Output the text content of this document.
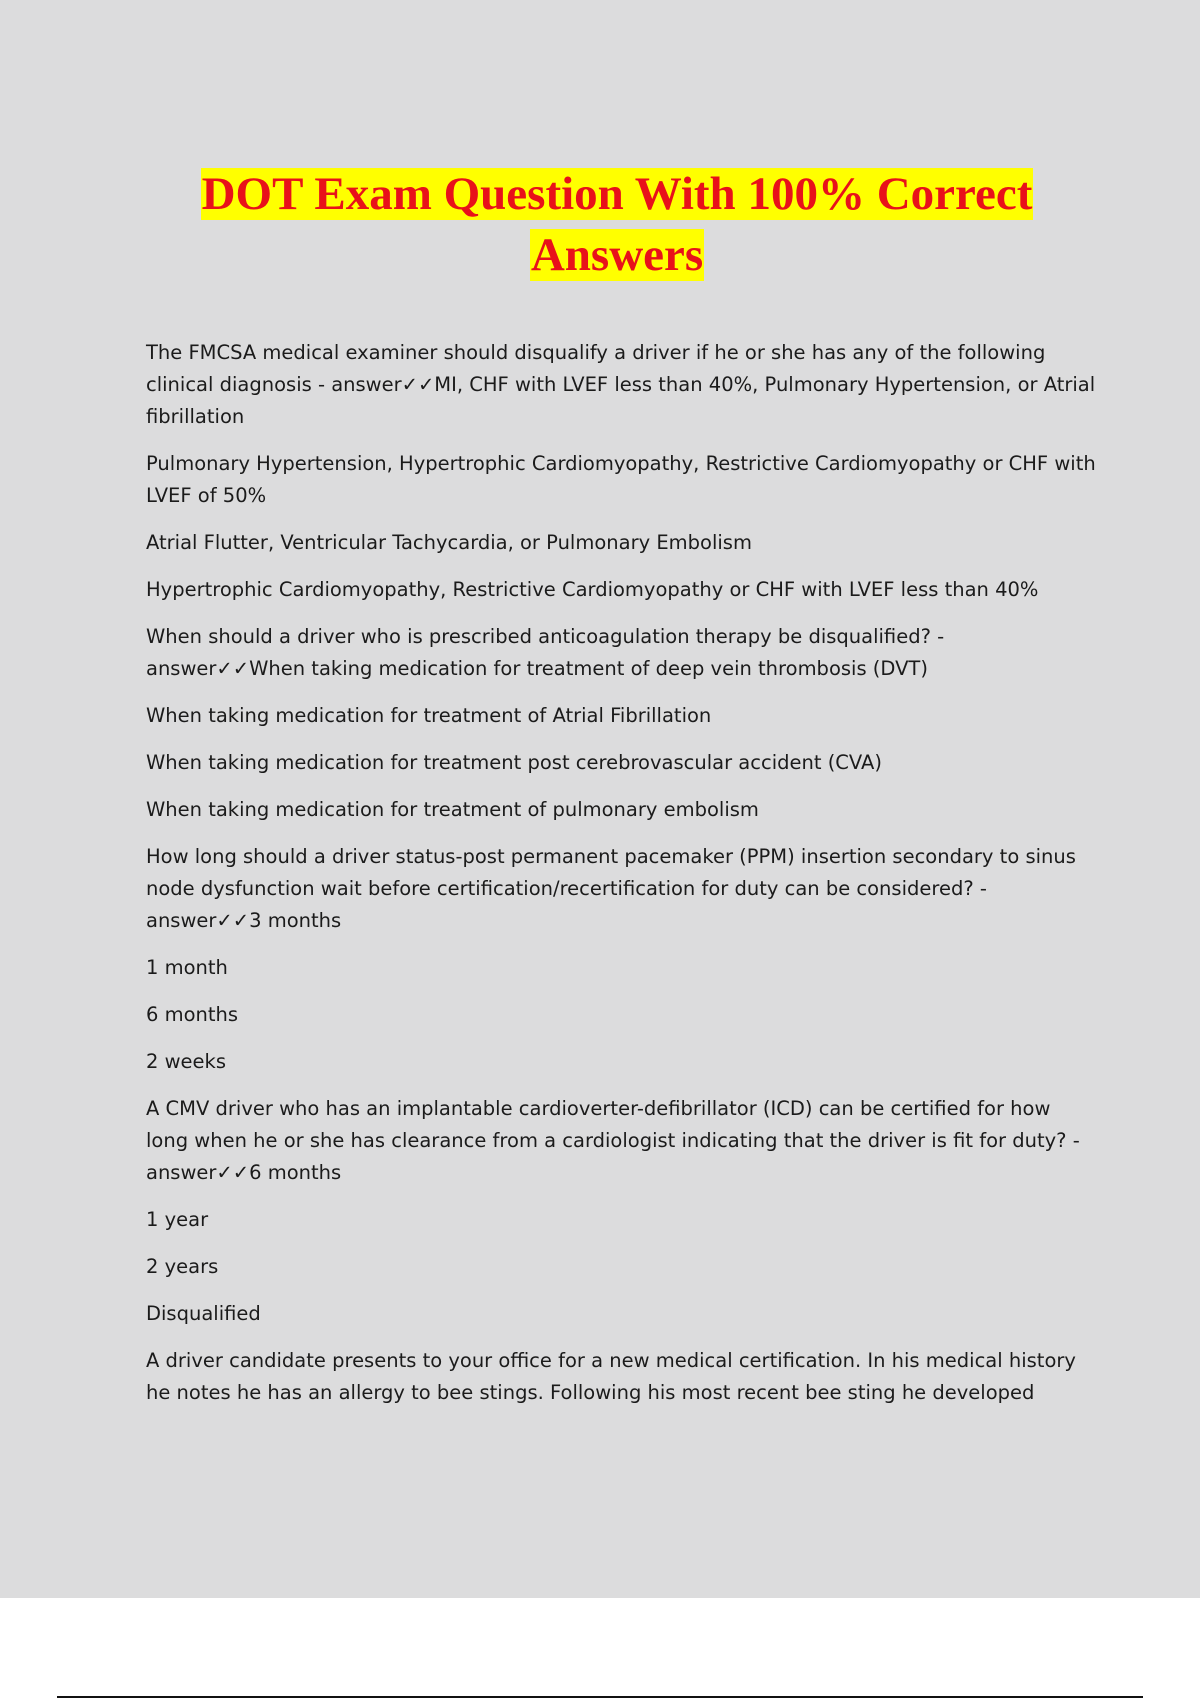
DOT Exam Question With 100% Correct
Answers

The FMCSA medical examiner should disqualify a driver if he or she has any of the following clinical diagnosis - answer✓✓MI, CHF with LVEF less than 40%, Pulmonary Hypertension, or Atrial fibrillation

Pulmonary Hypertension, Hypertrophic Cardiomyopathy, Restrictive Cardiomyopathy or CHF with LVEF of 50%

Atrial Flutter, Ventricular Tachycardia, or Pulmonary Embolism

Hypertrophic Cardiomyopathy, Restrictive Cardiomyopathy or CHF with LVEF less than 40%

When should a driver who is prescribed anticoagulation therapy be disqualified? - answer✓✓When taking medication for treatment of deep vein thrombosis (DVT)

When taking medication for treatment of Atrial Fibrillation

When taking medication for treatment post cerebrovascular accident (CVA)

When taking medication for treatment of pulmonary embolism

How long should a driver status-post permanent pacemaker (PPM) insertion secondary to sinus node dysfunction wait before certification/recertification for duty can be considered? - answer✓✓3 months

1 month

6 months

2 weeks

A CMV driver who has an implantable cardioverter-defibrillator (ICD) can be certified for how long when he or she has clearance from a cardiologist indicating that the driver is fit for duty? - answer✓✓6 months

1 year

2 years

Disqualified

A driver candidate presents to your office for a new medical certification. In his medical history he notes he has an allergy to bee stings. Following his most recent bee sting he developed
